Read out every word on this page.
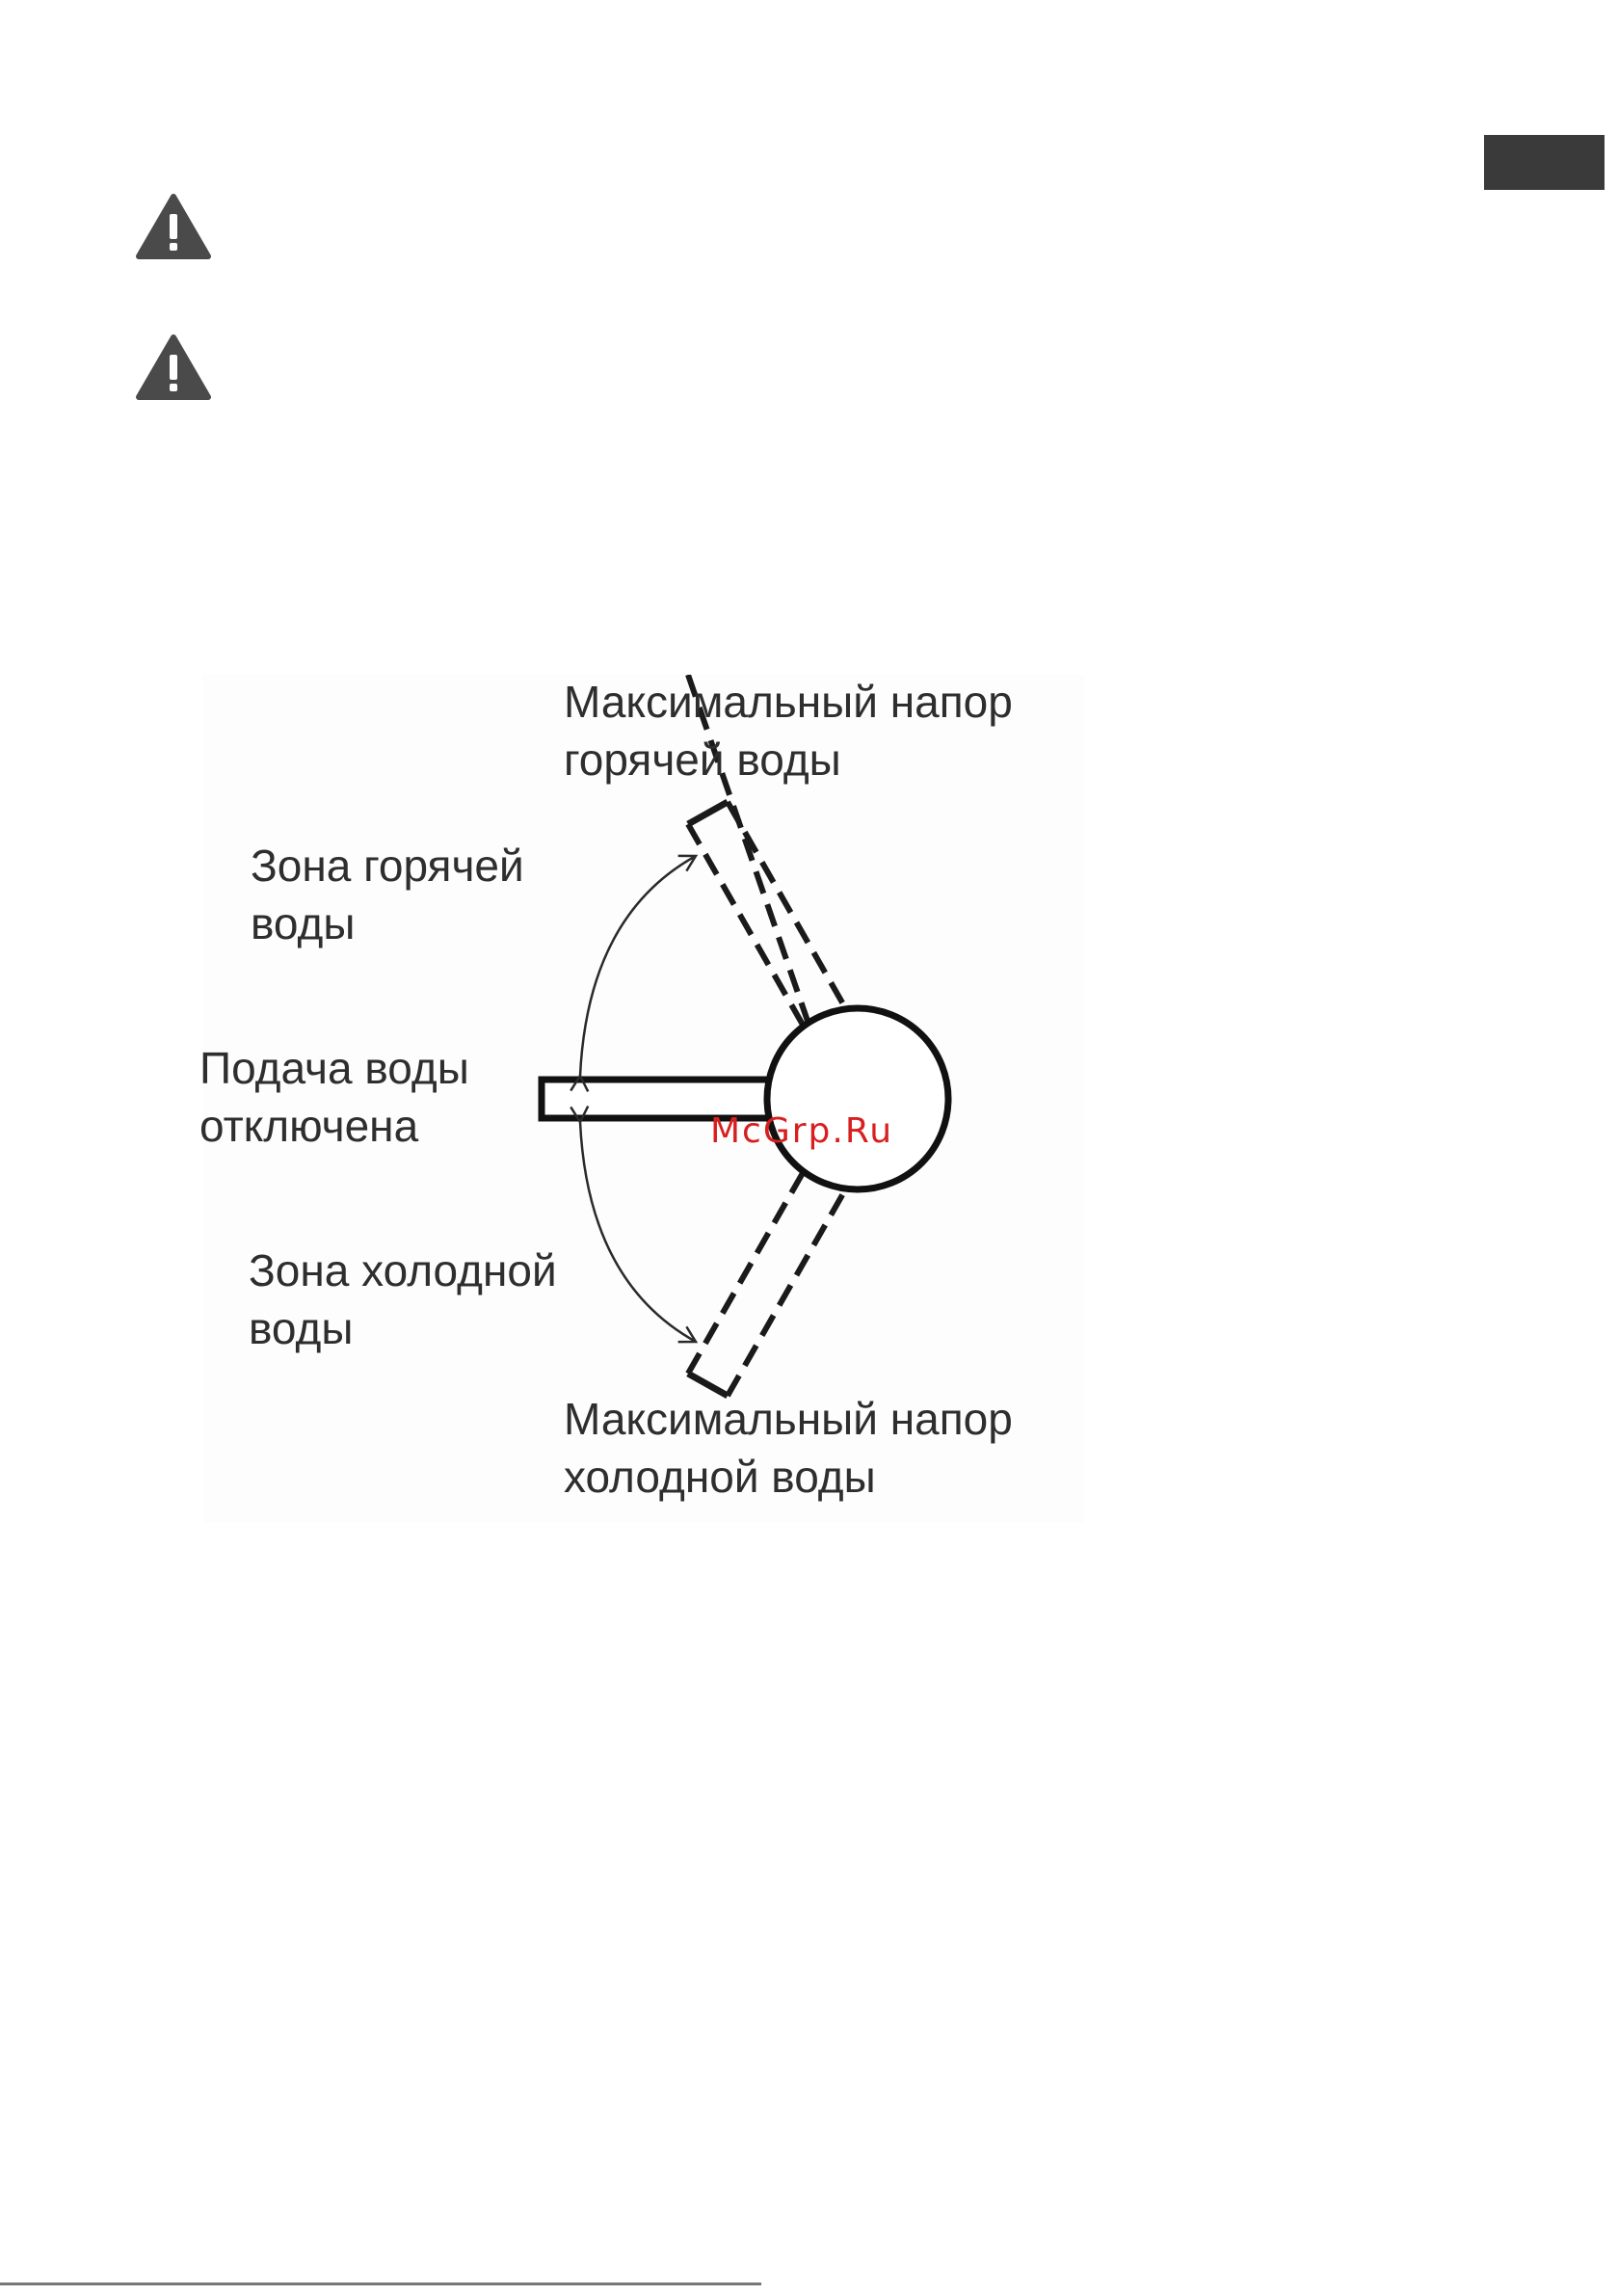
Максимальный напор
горячей воды
Зона горячей
воды
Подача воды
отключена
Зона холодной
воды
Максимальный напор
холодной воды
McGrp.Ru
